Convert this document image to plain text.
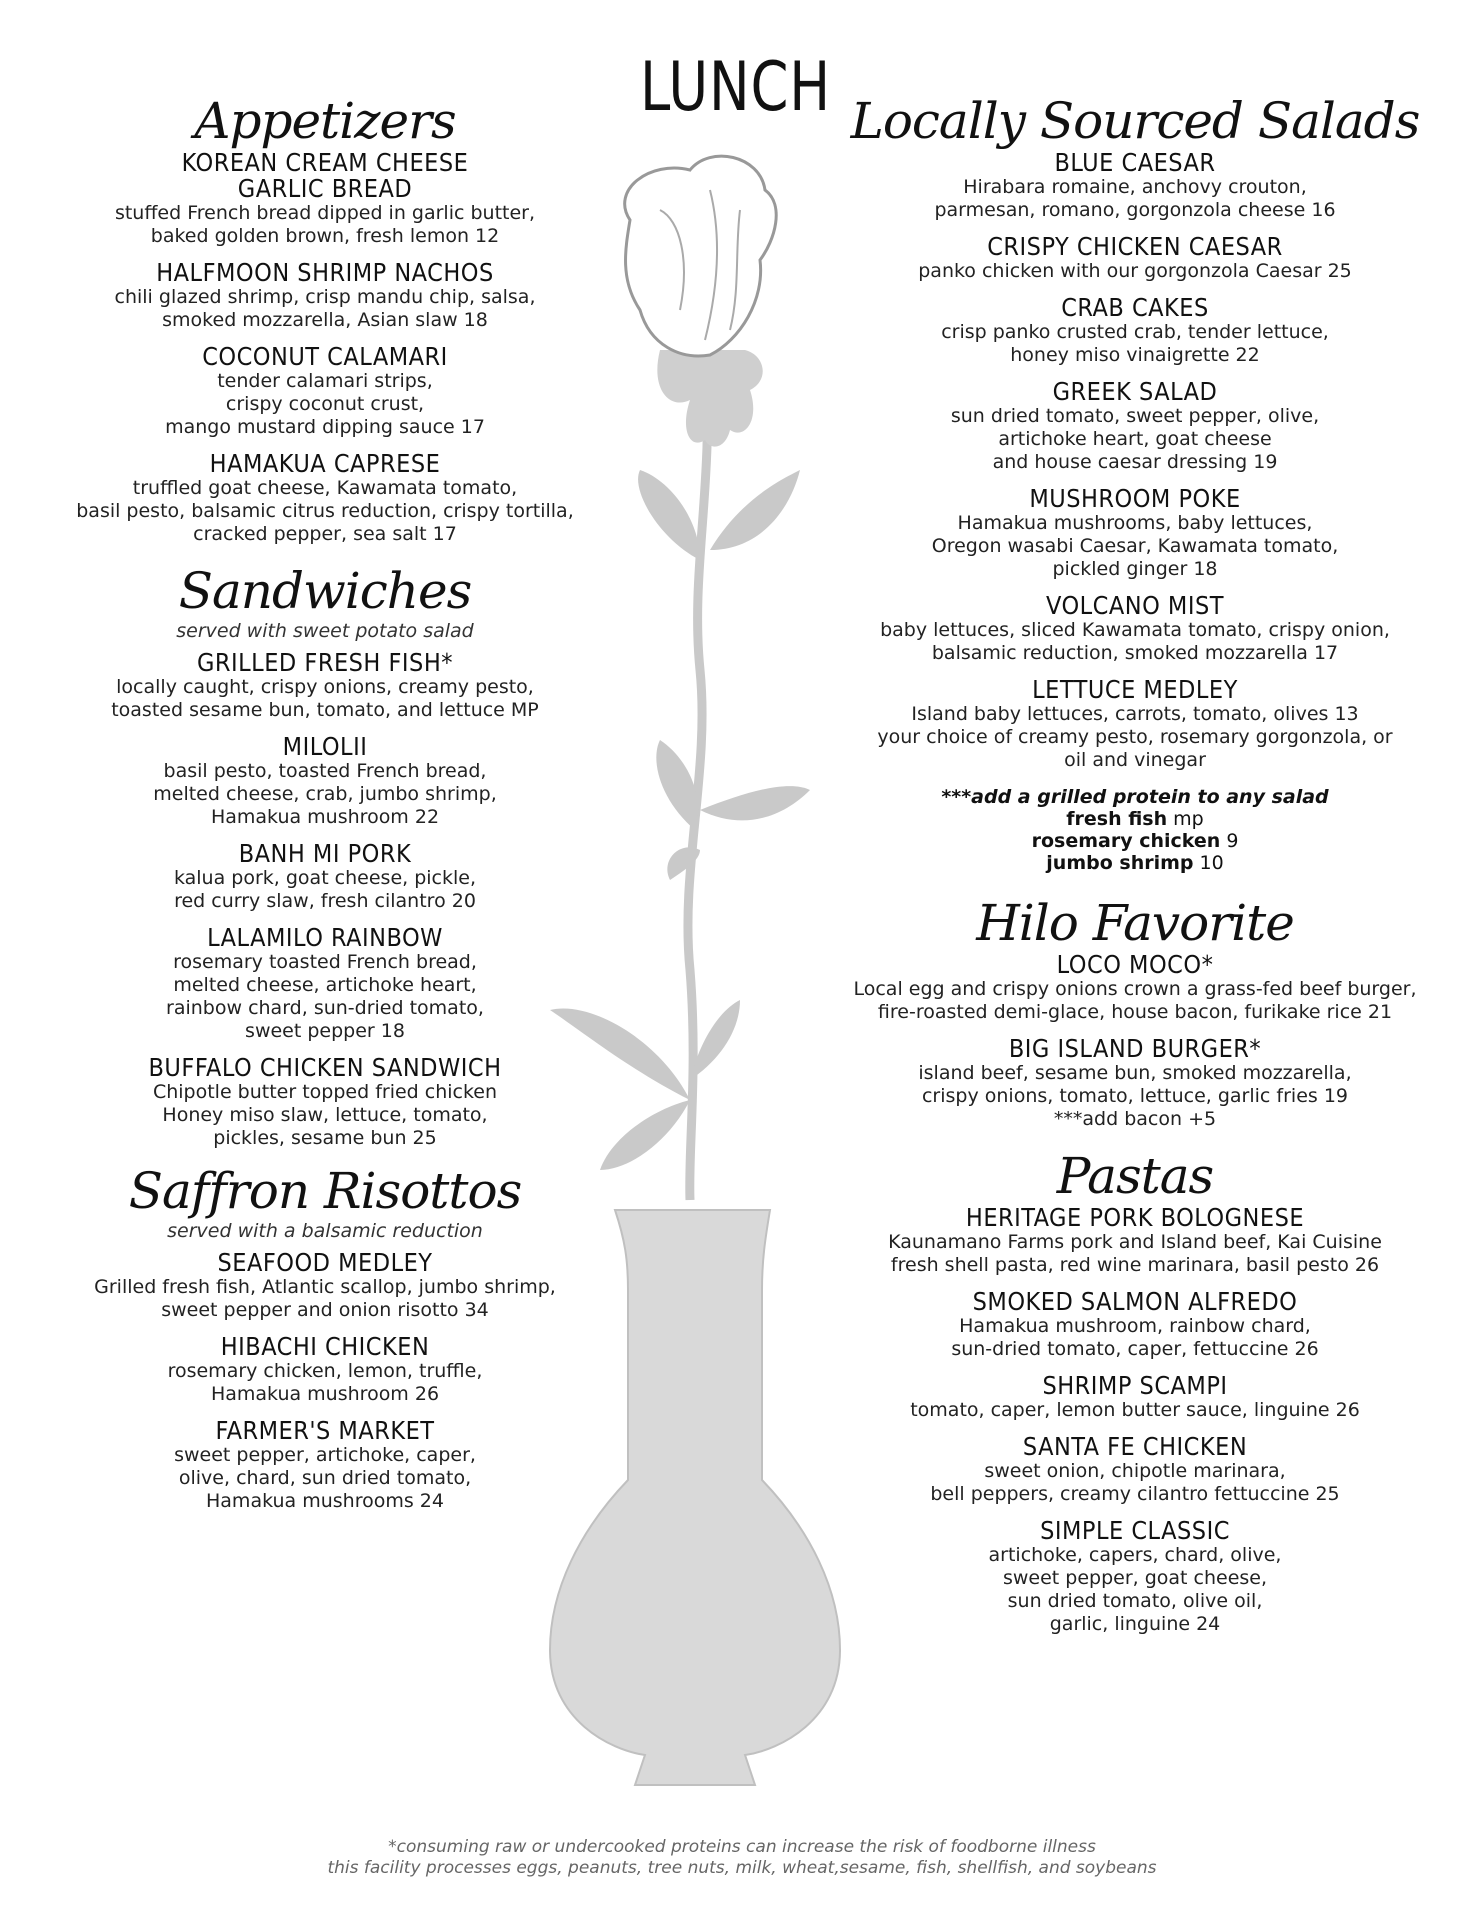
LUNCH
Appetizers

KOREAN CREAM CHEESE
GARLIC BREAD

stuffed French bread dipped in garlic butter,
baked golden brown, fresh lemon 12

HALFMOON SHRIMP NACHOS

chili glazed shrimp, crisp mandu chip, salsa,
smoked mozzarella, Asian slaw 18

COCONUT CALAMARI

tender calamari strips,
crispy coconut crust,
mango mustard dipping sauce 17

HAMAKUA CAPRESE

truffled goat cheese, Kawamata tomato,
basil pesto, balsamic citrus reduction, crispy tortilla,
cracked pepper, sea salt 17

Sandwiches

served with sweet potato salad

GRILLED FRESH FISH*

locally caught, crispy onions, creamy pesto,
toasted sesame bun, tomato, and lettuce MP

MILOLII

basil pesto, toasted French bread,
melted cheese, crab, jumbo shrimp,
Hamakua mushroom 22

BANH MI PORK

kalua pork, goat cheese, pickle,
red curry slaw, fresh cilantro 20

LALAMILO RAINBOW

rosemary toasted French bread,
melted cheese, artichoke heart,
rainbow chard, sun-dried tomato,
sweet pepper 18

BUFFALO CHICKEN SANDWICH

Chipotle butter topped fried chicken
Honey miso slaw, lettuce, tomato,
pickles, sesame bun 25

Saffron Risottos

served with a balsamic reduction

SEAFOOD MEDLEY

Grilled fresh fish, Atlantic scallop, jumbo shrimp,
sweet pepper and onion risotto 34

HIBACHI CHICKEN

rosemary chicken, lemon, truffle,
Hamakua mushroom 26

FARMER'S MARKET

sweet pepper, artichoke, caper,
olive, chard, sun dried tomato,
Hamakua mushrooms 24

Locally Sourced Salads

BLUE CAESAR

Hirabara romaine, anchovy crouton,
parmesan, romano, gorgonzola cheese 16

CRISPY CHICKEN CAESAR

panko chicken with our gorgonzola Caesar 25

CRAB CAKES

crisp panko crusted crab, tender lettuce,
honey miso vinaigrette 22

GREEK SALAD

sun dried tomato, sweet pepper, olive,
artichoke heart, goat cheese
and house caesar dressing 19

MUSHROOM POKE

Hamakua mushrooms, baby lettuces,
Oregon wasabi Caesar, Kawamata tomato,
pickled ginger 18

VOLCANO MIST

baby lettuces, sliced Kawamata tomato, crispy onion,
balsamic reduction, smoked mozzarella 17

LETTUCE MEDLEY

Island baby lettuces, carrots, tomato, olives 13
your choice of creamy pesto, rosemary gorgonzola, or
oil and vinegar

***add a grilled protein to any salad
fresh fish mp
rosemary chicken 9
jumbo shrimp 10
Hilo Favorite

LOCO MOCO*

Local egg and crispy onions crown a grass-fed beef burger,
fire-roasted demi-glace, house bacon, furikake rice 21

BIG ISLAND BURGER*

island beef, sesame bun, smoked mozzarella,
crispy onions, tomato, lettuce, garlic fries 19
***add bacon +5

Pastas

HERITAGE PORK BOLOGNESE

Kaunamano Farms pork and Island beef, Kai Cuisine
fresh shell pasta, red wine marinara, basil pesto 26

SMOKED SALMON ALFREDO

Hamakua mushroom, rainbow chard,
sun-dried tomato, caper, fettuccine 26

SHRIMP SCAMPI

tomato, caper, lemon butter sauce, linguine 26

SANTA FE CHICKEN

sweet onion, chipotle marinara,
bell peppers, creamy cilantro fettuccine 25

SIMPLE CLASSIC

artichoke, capers, chard, olive,
sweet pepper, goat cheese,
sun dried tomato, olive oil,
garlic, linguine 24

*consuming raw or undercooked proteins can increase the risk of foodborne illness
this facility processes eggs, peanuts, tree nuts, milk, wheat,sesame, fish, shellfish, and soybeans
